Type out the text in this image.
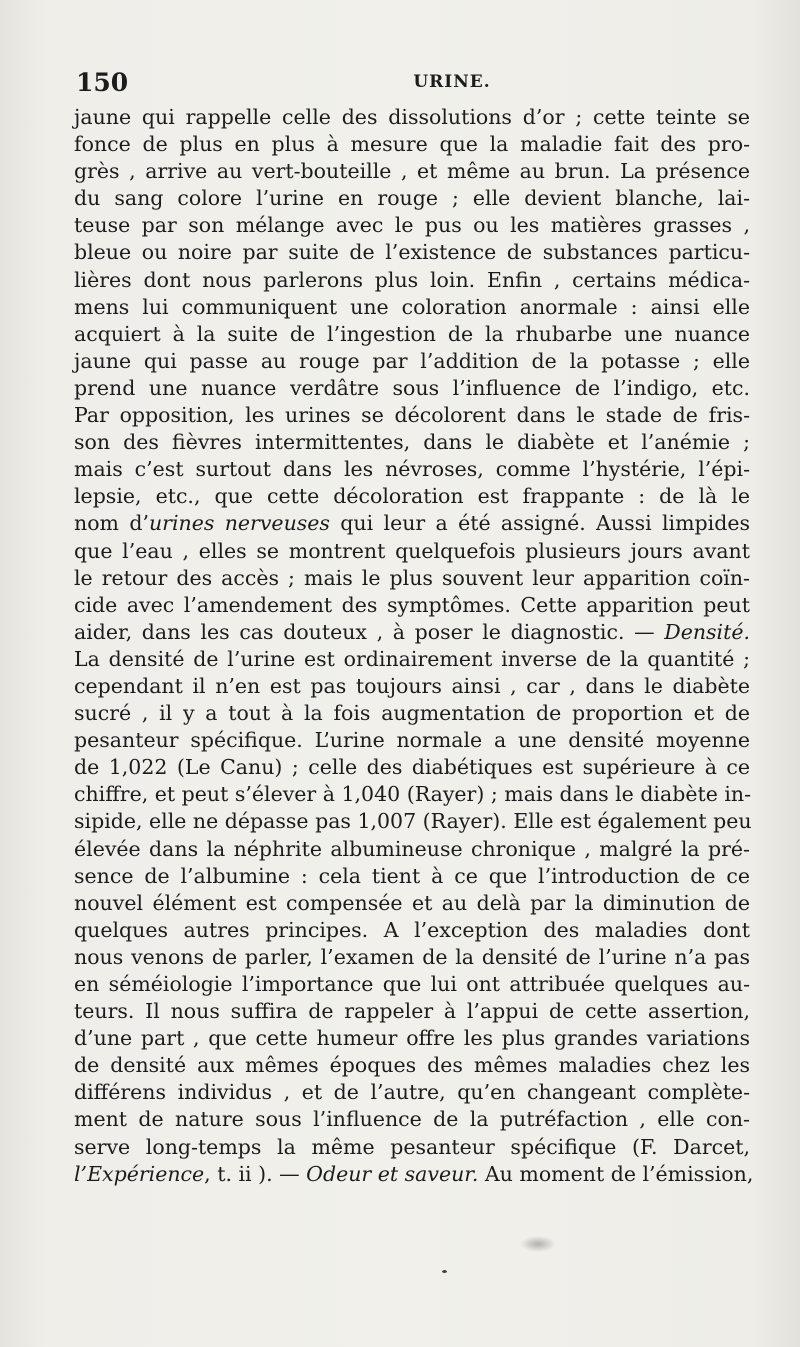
150	URINE.
jaune qui rappelle celle des dissolutions d’or ; cette teinte se
fonce de plus en plus à mesure que la maladie fait des pro-
grès , arrive au vert-bouteille , et même au brun. La présence
du sang colore l’urine en rouge ; elle devient blanche, lai-
teuse par son mélange avec le pus ou les matières grasses ,
bleue ou noire par suite de l’existence de substances particu-
lières dont nous parlerons plus loin. Enfin , certains médica-
mens lui communiquent une coloration anormale : ainsi elle
acquiert à la suite de l’ingestion de la rhubarbe une nuance
jaune qui passe au rouge par l’addition de la potasse ; elle
prend une nuance verdâtre sous l’influence de l’indigo, etc.
Par opposition, les urines se décolorent dans le stade de fris-
son des fièvres intermittentes, dans le diabète et l’anémie ;
mais c’est surtout dans les névroses, comme l’hystérie, l’épi-
lepsie, etc., que cette décoloration est frappante : de là le
nom d’urines nerveuses qui leur a été assigné. Aussi limpides
que l’eau , elles se montrent quelquefois plusieurs jours avant
le retour des accès ; mais le plus souvent leur apparition coïn-
cide avec l’amendement des symptômes. Cette apparition peut
aider, dans les cas douteux , à poser le diagnostic. — Densité.
La densité de l’urine est ordinairement inverse de la quantité ;
cependant il n’en est pas toujours ainsi , car , dans le diabète
sucré , il y a tout à la fois augmentation de proportion et de
pesanteur spécifique. L’urine normale a une densité moyenne
de 1,022 (Le Canu) ; celle des diabétiques est supérieure à ce
chiffre, et peut s’élever à 1,040 (Rayer) ; mais dans le diabète in-
sipide, elle ne dépasse pas 1,007 (Rayer). Elle est également peu
élevée dans la néphrite albumineuse chronique , malgré la pré-
sence de l’albumine : cela tient à ce que l’introduction de ce
nouvel élément est compensée et au delà par la diminution de
quelques autres principes. A l’exception des maladies dont
nous venons de parler, l’examen de la densité de l’urine n’a pas
en séméiologie l’importance que lui ont attribuée quelques au-
teurs. Il nous suffira de rappeler à l’appui de cette assertion,
d’une part , que cette humeur offre les plus grandes variations
de densité aux mêmes époques des mêmes maladies chez les
différens individus , et de l’autre, qu’en changeant complète-
ment de nature sous l’influence de la putréfaction , elle con-
serve long-temps la même pesanteur spécifique (F. Darcet,
l’Expérience, t. ii ). — Odeur et saveur. Au moment de l’émission,
